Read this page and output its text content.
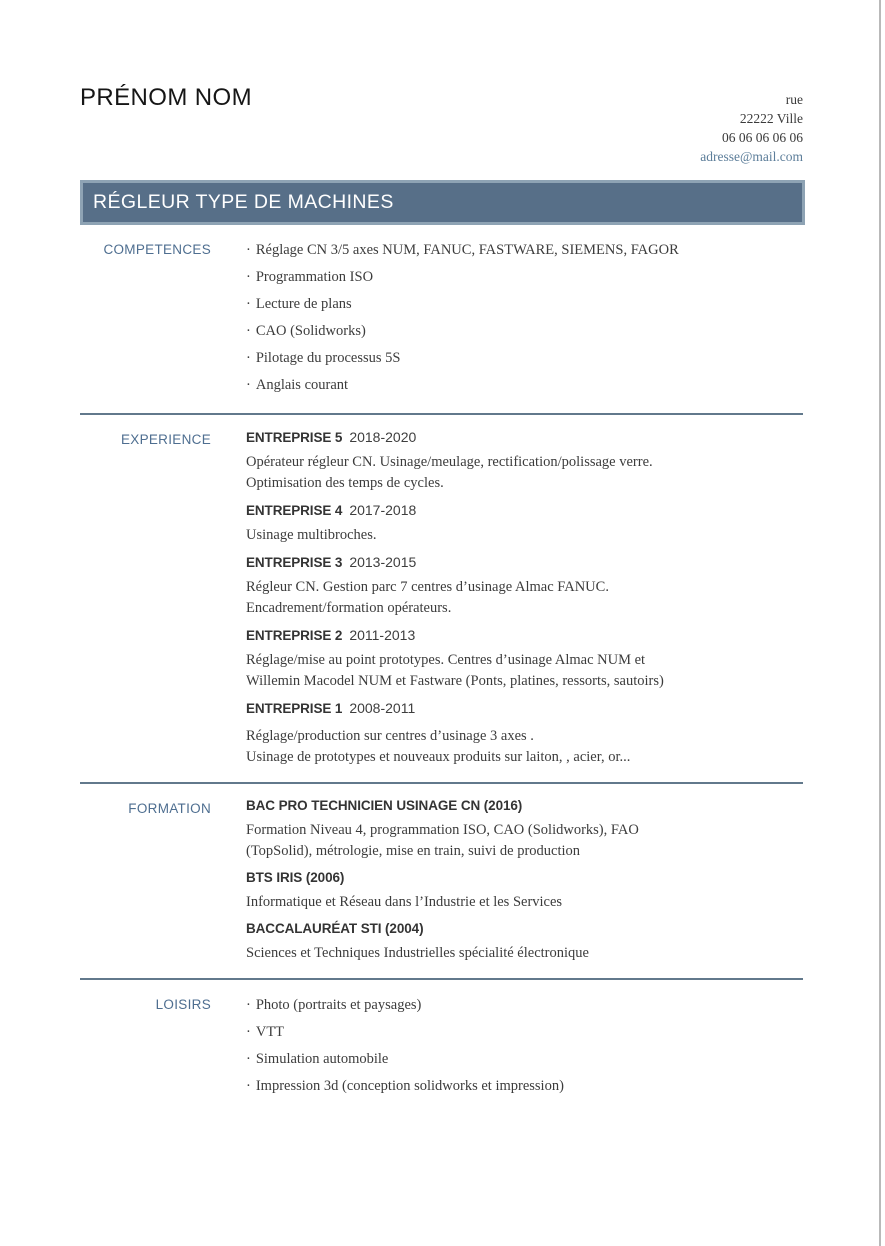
PRÉNOM NOM	rue
22222 Ville
06 06 06 06 06
adresse@mail.com
RÉGLEUR TYPE DE MACHINES
COMPETENCES · Réglage CN 3/5 axes NUM, FANUC, FASTWARE, SIEMENS, FAGOR
· Programmation ISO
· Lecture de plans
· CAO (Solidworks)
· Pilotage du processus 5S
· Anglais courant
EXPERIENCE	ENTREPRISE 5 2018-2020
Opérateur régleur CN. Usinage/meulage, rectification/polissage verre.
Optimisation des temps de cycles.
ENTREPRISE 4 2017-2018
Usinage multibroches.
ENTREPRISE 3 2013-2015
Régleur CN. Gestion parc 7 centres d’usinage Almac FANUC.
Encadrement/formation opérateurs.
ENTREPRISE 2 2011-2013
Réglage/mise au point prototypes. Centres d’usinage Almac NUM et
Willemin Macodel NUM et Fastware (Ponts, platines, ressorts, sautoirs)
ENTREPRISE 1 2008-2011
Réglage/production sur centres d’usinage 3 axes .
Usinage de prototypes et nouveaux produits sur laiton, , acier, or...
FORMATION	BAC PRO TECHNICIEN USINAGE CN (2016)
Formation Niveau 4, programmation ISO, CAO (Solidworks), FAO
(TopSolid), métrologie, mise en train, suivi de production
BTS IRIS (2006)
Informatique et Réseau dans l’Industrie et les Services
BACCALAURÉAT STI (2004)
Sciences et Techniques Industrielles spécialité électronique
LOISIRS · Photo (portraits et paysages)
· VTT
· Simulation automobile
· Impression 3d (conception solidworks et impression)
